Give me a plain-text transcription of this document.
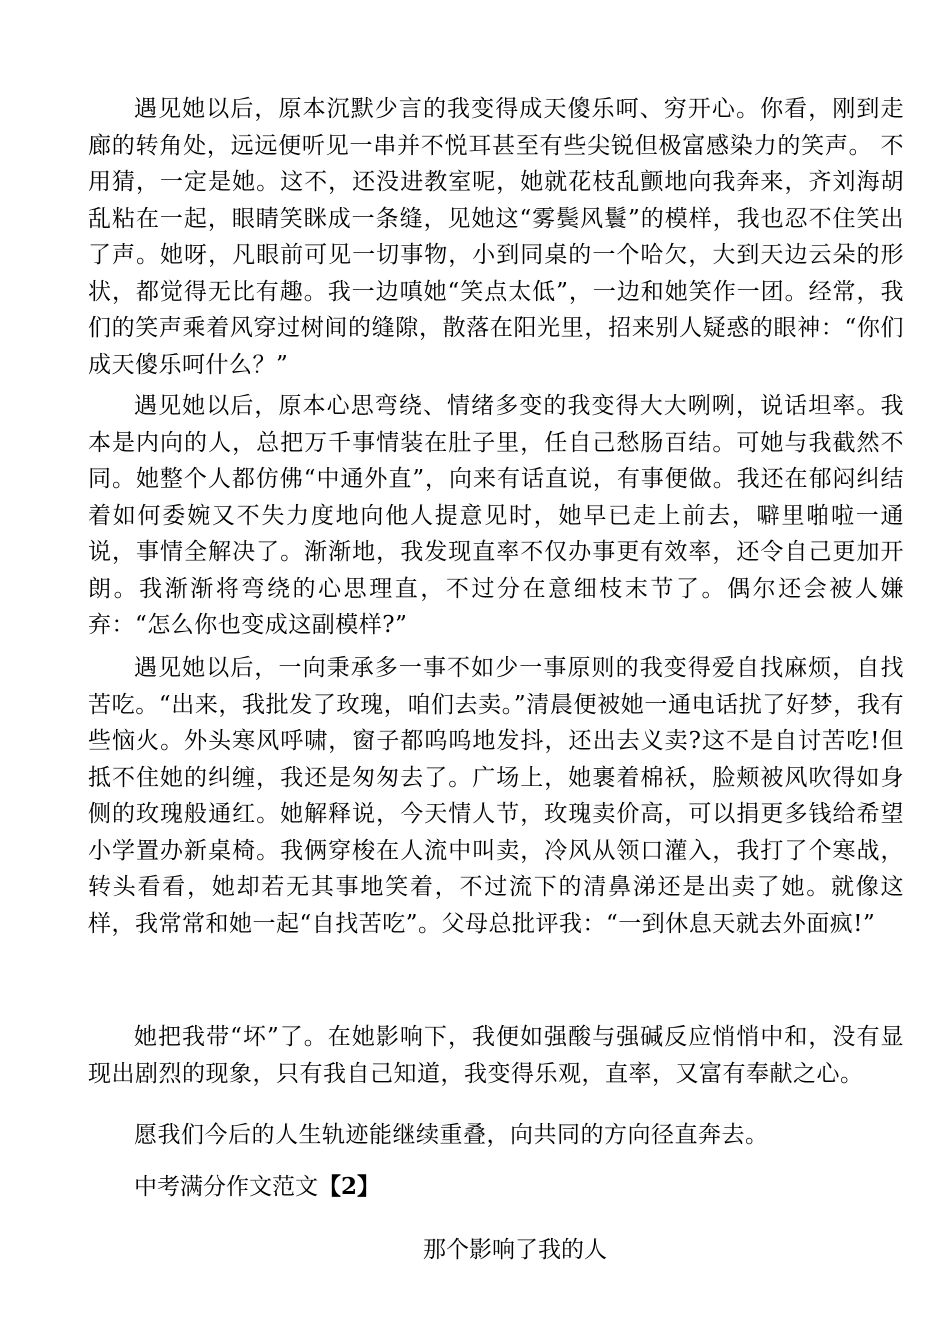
遇见她以后，原本沉默少言的我变得成天傻乐呵、穷开心。你看，刚到走廊的转角处，远远便听见一串并不悦耳甚至有些尖锐但极富感染力的笑声。 不用猜，一定是她。这不，还没进教室呢，她就花枝乱颤地向我奔来，齐刘海胡乱粘在一起，眼睛笑眯成一条缝，见她这“雾鬓风鬟”的模样，我也忍不住笑出了声。她呀，凡眼前可见一切事物，小到同桌的一个哈欠，大到天边云朵的形状，都觉得无比有趣。我一边嗔她“笑点太低”，一边和她笑作一团。经常，我们的笑声乘着风穿过树间的缝隙，散落在阳光里，招来别人疑惑的眼神：“你们成天傻乐呵什么？”

遇见她以后，原本心思弯绕、情绪多变的我变得大大咧咧，说话坦率。我本是内向的人，总把万千事情装在肚子里，任自己愁肠百结。可她与我截然不同。她整个人都仿佛“中通外直”，向来有话直说，有事便做。我还在郁闷纠结着如何委婉又不失力度地向他人提意见时，她早已走上前去，噼里啪啦一通说，事情全解决了。渐渐地，我发现直率不仅办事更有效率，还令自己更加开朗。我渐渐将弯绕的心思理直，不过分在意细枝末节了。偶尔还会被人嫌弃：“怎么你也变成这副模样?”

遇见她以后，一向秉承多一事不如少一事原则的我变得爱自找麻烦，自找苦吃。“出来，我批发了玫瑰，咱们去卖。”清晨便被她一通电话扰了好梦，我有些恼火。外头寒风呼啸，窗子都呜呜地发抖，还出去义卖?这不是自讨苦吃!但抵不住她的纠缠，我还是匆匆去了。广场上，她裹着棉袄，脸颊被风吹得如身侧的玫瑰般通红。她解释说，今天情人节，玫瑰卖价高，可以捐更多钱给希望小学置办新桌椅。我俩穿梭在人流中叫卖，冷风从领口灌入，我打了个寒战，转头看看，她却若无其事地笑着，不过流下的清鼻涕还是出卖了她。就像这样，我常常和她一起“自找苦吃”。父母总批评我：“一到休息天就去外面疯!”

她把我带“坏”了。在她影响下，我便如强酸与强碱反应悄悄中和，没有显现出剧烈的现象，只有我自己知道，我变得乐观，直率，又富有奉献之心。

愿我们今后的人生轨迹能继续重叠，向共同的方向径直奔去。

中考满分作文范文【2】

那个影响了我的人
